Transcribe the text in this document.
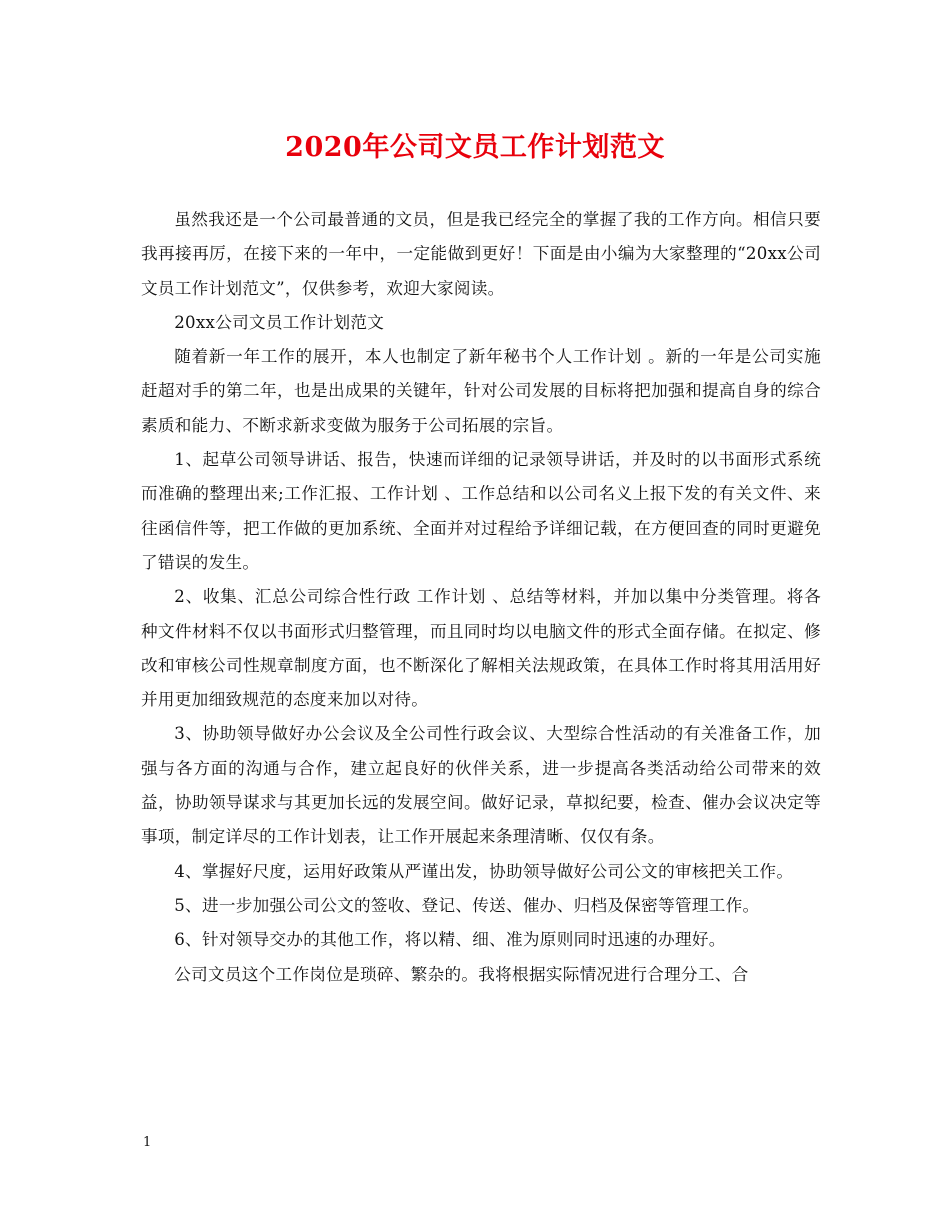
2020年公司文员工作计划范文

虽然我还是一个公司最普通的文员，但是我已经完全的掌握了我的工作方向。相信只要我再接再厉，在接下来的一年中，一定能做到更好！下面是由小编为大家整理的“20xx公司文员工作计划范文”，仅供参考，欢迎大家阅读。

20xx公司文员工作计划范文

随着新一年工作的展开，本人也制定了新年秘书个人工作计划 。新的一年是公司实施赶超对手的第二年，也是出成果的关键年，针对公司发展的目标将把加强和提高自身的综合素质和能力、不断求新求变做为服务于公司拓展的宗旨。

1、起草公司领导讲话、报告，快速而详细的记录领导讲话，并及时的以书面形式系统而准确的整理出来;工作汇报、工作计划 、工作总结和以公司名义上报下发的有关文件、来往函信件等，把工作做的更加系统、全面并对过程给予详细记载，在方便回查的同时更避免了错误的发生。

2、收集、汇总公司综合性行政 工作计划 、总结等材料，并加以集中分类管理。将各种文件材料不仅以书面形式归整管理，而且同时均以电脑文件的形式全面存储。在拟定、修改和审核公司性规章制度方面，也不断深化了解相关法规政策，在具体工作时将其用活用好并用更加细致规范的态度来加以对待。

3、协助领导做好办公会议及全公司性行政会议、大型综合性活动的有关准备工作，加强与各方面的沟通与合作，建立起良好的伙伴关系，进一步提高各类活动给公司带来的效益，协助领导谋求与其更加长远的发展空间。做好记录，草拟纪要，检查、催办会议决定等事项，制定详尽的工作计划表，让工作开展起来条理清晰、仅仅有条。

4、掌握好尺度，运用好政策从严谨出发，协助领导做好公司公文的审核把关工作。

5、进一步加强公司公文的签收、登记、传送、催办、归档及保密等管理工作。

6、针对领导交办的其他工作，将以精、细、准为原则同时迅速的办理好。

公司文员这个工作岗位是琐碎、繁杂的。我将根据实际情况进行合理分工、合

1
